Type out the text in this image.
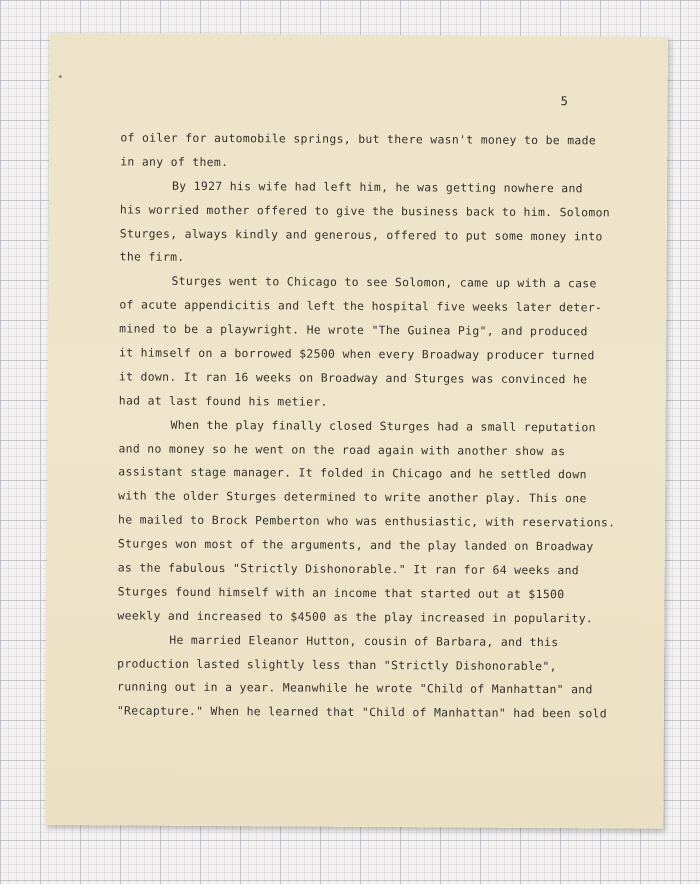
5
of oiler for automobile springs, but there wasn't money to be made
in any of them.
By 1927 his wife had left him, he was getting nowhere and
his worried mother offered to give the business back to him. Solomon
Sturges, always kindly and generous, offered to put some money into
the firm.
Sturges went to Chicago to see Solomon, came up with a case
of acute appendicitis and left the hospital five weeks later deter-
mined to be a playwright. He wrote "The Guinea Pig", and produced
it himself on a borrowed $2500 when every Broadway producer turned
it down. It ran 16 weeks on Broadway and Sturges was convinced he
had at last found his metier.
When the play finally closed Sturges had a small reputation
and no money so he went on the road again with another show as
assistant stage manager. It folded in Chicago and he settled down
with the older Sturges determined to write another play. This one
he mailed to Brock Pemberton who was enthusiastic, with reservations.
Sturges won most of the arguments, and the play landed on Broadway
as the fabulous "Strictly Dishonorable." It ran for 64 weeks and
Sturges found himself with an income that started out at $1500
weekly and increased to $4500 as the play increased in popularity.
He married Eleanor Hutton, cousin of Barbara, and this
production lasted slightly less than "Strictly Dishonorable",
running out in a year. Meanwhile he wrote "Child of Manhattan" and
"Recapture." When he learned that "Child of Manhattan" had been sold
